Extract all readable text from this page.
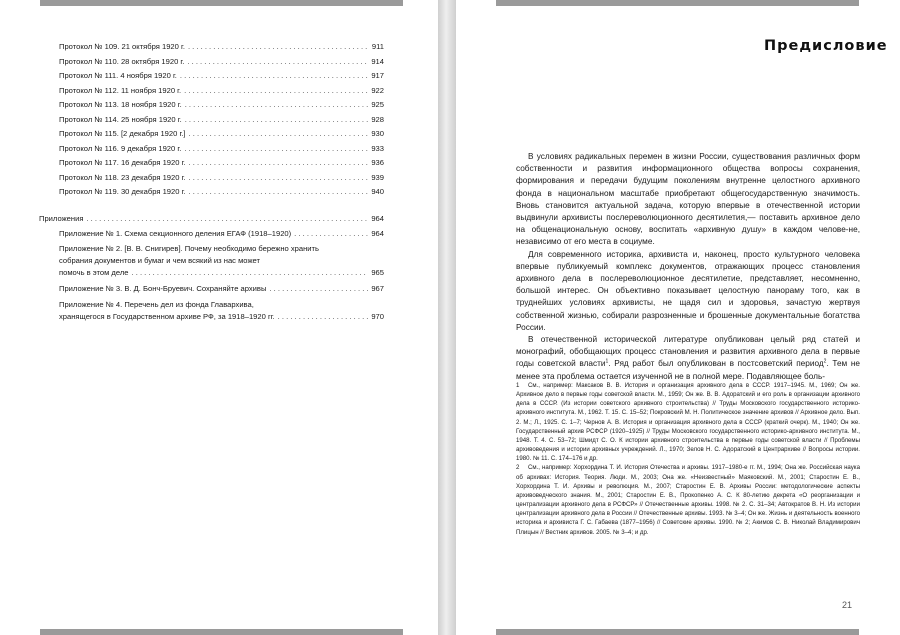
Протокол № 109. 21 октября 1920 г. . . .	911
Протокол № 110. 28 октября 1920 г. . . .	914
Протокол № 111. 4 ноября 1920 г. . . .	917
Протокол № 112. 11 ноября 1920 г. . . .	922
Протокол № 113. 18 ноября 1920 г. . . .	925
Протокол № 114. 25 ноября 1920 г. . . .	928
Протокол № 115. [2 декабря 1920 г.] . . .	930
Протокол № 116. 9 декабря 1920 г. . . .	933
Протокол № 117. 16 декабря 1920 г. . . .	936
Протокол № 118. 23 декабря 1920 г. . . .	939
Протокол № 119. 30 декабря 1920 г. . . .	940
Приложения . . .	964
Приложение № 1. Схема секционного деления ЕГАФ (1918–1920) . . .	964
Приложение № 2. [В. В. Снигирев]. Почему необходимо бережно хранить
собрания документов и бумаг и чем всякий из нас может
помочь в этом деле . . .	965
Приложение № 3. В. Д. Бонч-Бруевич. Сохраняйте архивы . . .	967
Приложение № 4. Перечень дел из фонда Главархива,
хранящегося в Государственном архиве РФ, за 1918–1920 гг. . . .	970
Предисловие

В условиях радикальных перемен в жизни России, существования различных форм собственности и развития информационного общества вопросы сохранения, формирования и передачи будущим поколениям внутренне целостного архивного фонда в национальном масштабе приобретают общегосударственную значимость. Вновь становится актуальной задача, которую впервые в отечественной истории выдвинули архивисты послереволюционного десятилетия,— поставить архивное дело на общенациональную основу, воспитать «архивную душу» в каждом челове-не, независимо от его места в социуме.

Для современного историка, архивиста и, наконец, просто культурного человека впервые публикуемый комплекс документов, отражающих процесс становления архивного дела в послереволюционное десятилетие, представляет, несомненно, большой интерес. Он объективно показывает целостную панораму того, как в труднейших условиях архивисты, не щадя сил и здоровья, зачастую жертвуя собственной жизнью, собирали разрозненные и брошенные документальные богатства России.

В отечественной исторической литературе опубликован целый ряд статей и монографий, обобщающих процесс становления и развития архивного дела в первые годы советской власти$^1$. Ряд работ был опубликован в постсоветский период$^2$. Тем не менее эта проблема остается изученной не в полной мере. Подавляющее боль-

1 См., например: Максаков В. В. История и организация архивного дела в СССР. 1917–1945. М., 1969; Он же. Архивное дело в первые годы советской власти. М., 1959; Он же. В. В. Адоратский и его роль в организации архивного дела в СССР. (Из истории советского архивного строительства) // Труды Московского государственного историко-архивного института. М., 1962. Т. 15. С. 15–52; Покровский М. Н. Политическое значение архивов // Архивное дело. Вып. 2. М.; Л., 1925. С. 1–7; Чернов А. В. История и организация архивного дела в СССР (краткий очерк). М., 1940; Он же. Государственный архив РСФСР (1920–1925) // Труды Московского государственного историко-архивного института. М., 1948. Т. 4. С. 53–72; Шмидт С. О. К истории архивного строительства в первые годы советской власти // Проблемы архивоведения и истории архивных учреждений. Л., 1970; Зелов Н. С. Адоратский в Центрархиве // Вопросы истории. 1980. № 11. С. 174–176 и др.

2 См., например: Хорхордина Т. И. История Отечества и архивы. 1917–1980-е гг. М., 1994; Она же. Российская наука об архивах: История. Теория. Люди. М., 2003; Она же. «Неизвестный» Маяковский. М., 2001; Старостин Е. В., Хорхордина Т. И. Архивы и революция. М., 2007; Старостин Е. В. Архивы России: методологические аспекты архивоведческого знания. М., 2001; Старостин Е. В., Прокопенко А. С. К 80-летию декрета «О реорганизации и централизации архивного дела в РСФСР» // Отечественные архивы. 1998. № 2. С. 31–34; Автократов В. Н. Из истории централизации архивного дела в России // Отечественные архивы. 1993. № 3–4; Он же. Жизнь и деятельность военного историка и архивиста Г. С. Габаева (1877–1956) // Советские архивы. 1990. № 2; Акимов С. В. Николай Владимирович Плицын // Вестник архивов. 2005. № 3–4; и др.

21
